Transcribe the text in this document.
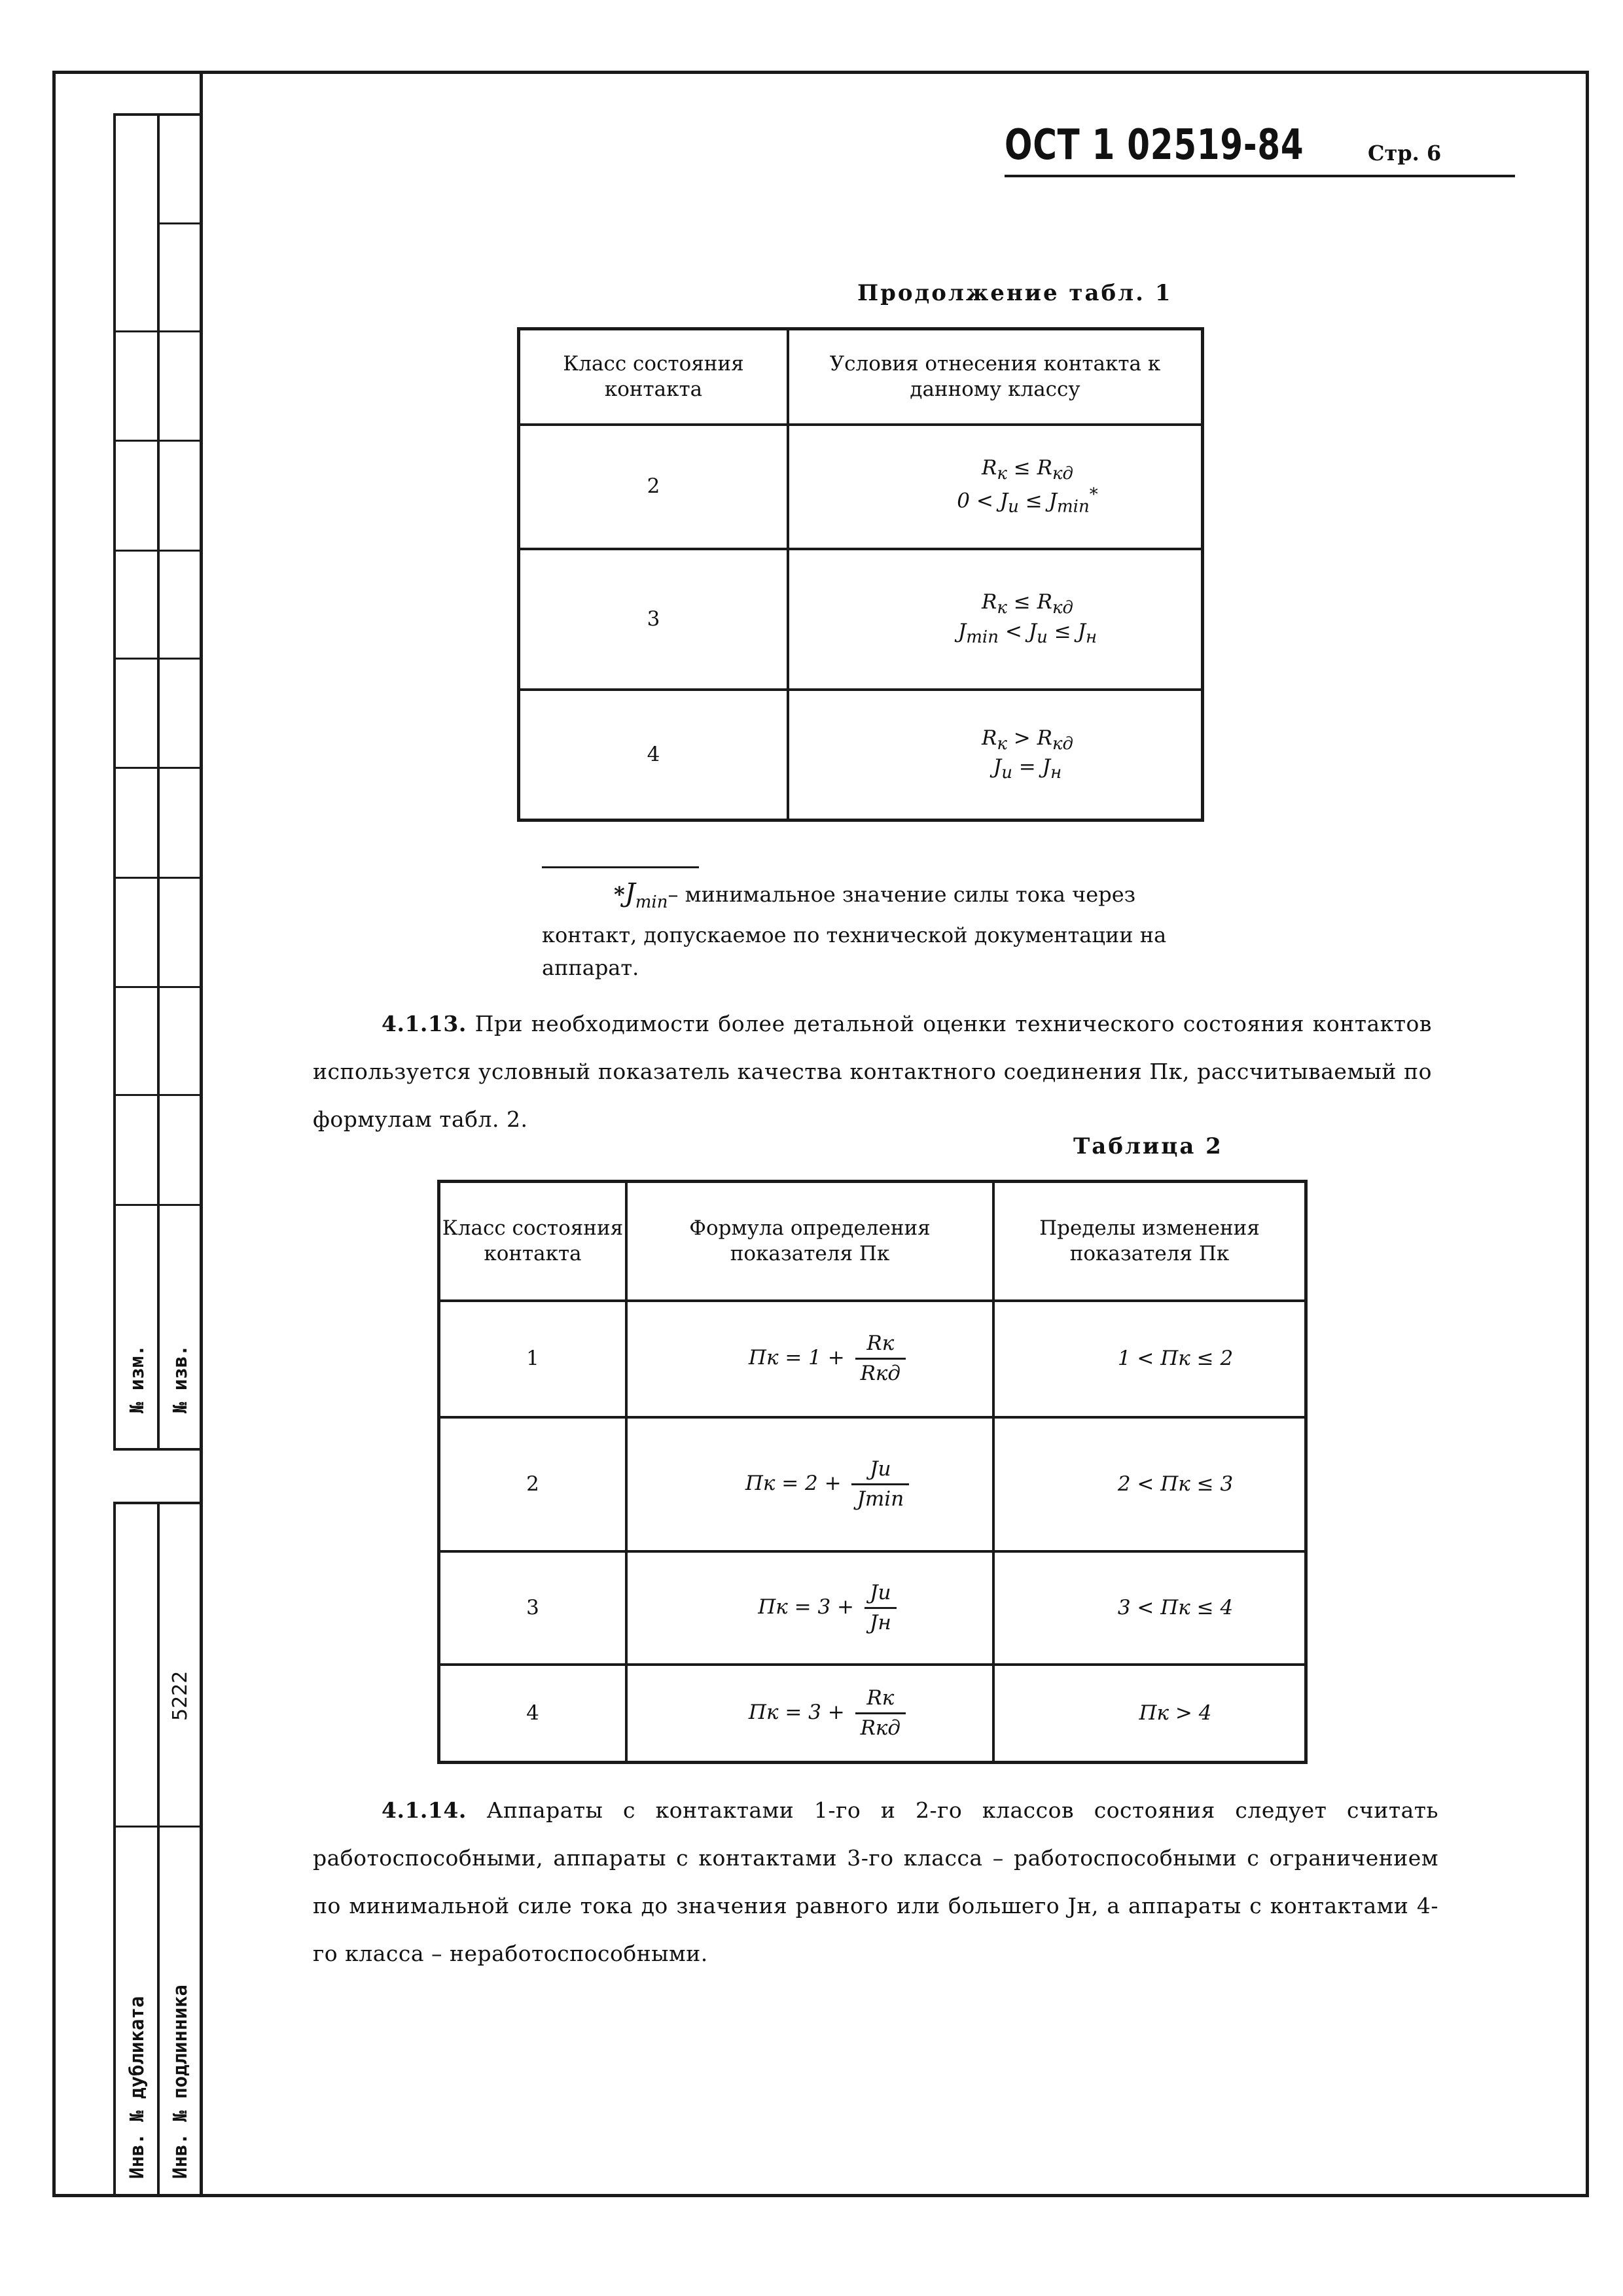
№ изм. № изв.
5222
Инв. № дубликата Инв. № подлинника
ОСТ 1 02519-84	Стр. 6
Продолжение табл. 1
Класс состояния контакта	Условия отнесения контакта к данному классу
2	$R_к \le R_{кд}$
$0 < J_и \le J_{min}^*$

3	$R_к \le R_{кд}$
$J_{min} < J_и \le J_н$

4	$R_к > R_{кд}$
$J_и = J_н$
$*J_{min}-$ минимальное значение силы тока через контакт, допускаемое по технической документации на аппарат.
4.1.13. При необходимости более детальной оценки технического состояния контактов используется условный показатель качества контактного соединения Пк, рассчитываемый по формулам табл. 2.
Таблица 2
Класс состояния контакта	Формула определения показателя Пк	Пределы изменения показателя Пк
1	Пк = $1 + \frac{Rк}{\text{Rкд}}$	1 < Пк ≤ 2
2	Пк = $2 + \frac{Jи}{Jmin}$	2 < Пк ≤ 3
3	Пк = $3 + \frac{Jи}{Jн}$	3 < Пк ≤ 4
4	Пк = $3 + \frac{Rк}{\text{Rкд}}$	Пк > 4
4.1.14. Аппараты с контактами 1-го и 2-го классов состояния следует считать работоспособными, аппараты с контактами 3-го класса – работоспособными с ограничением по минимальной силе тока до значения равного или большего Jн, а аппараты с контактами 4-го класса – неработоспособными.
